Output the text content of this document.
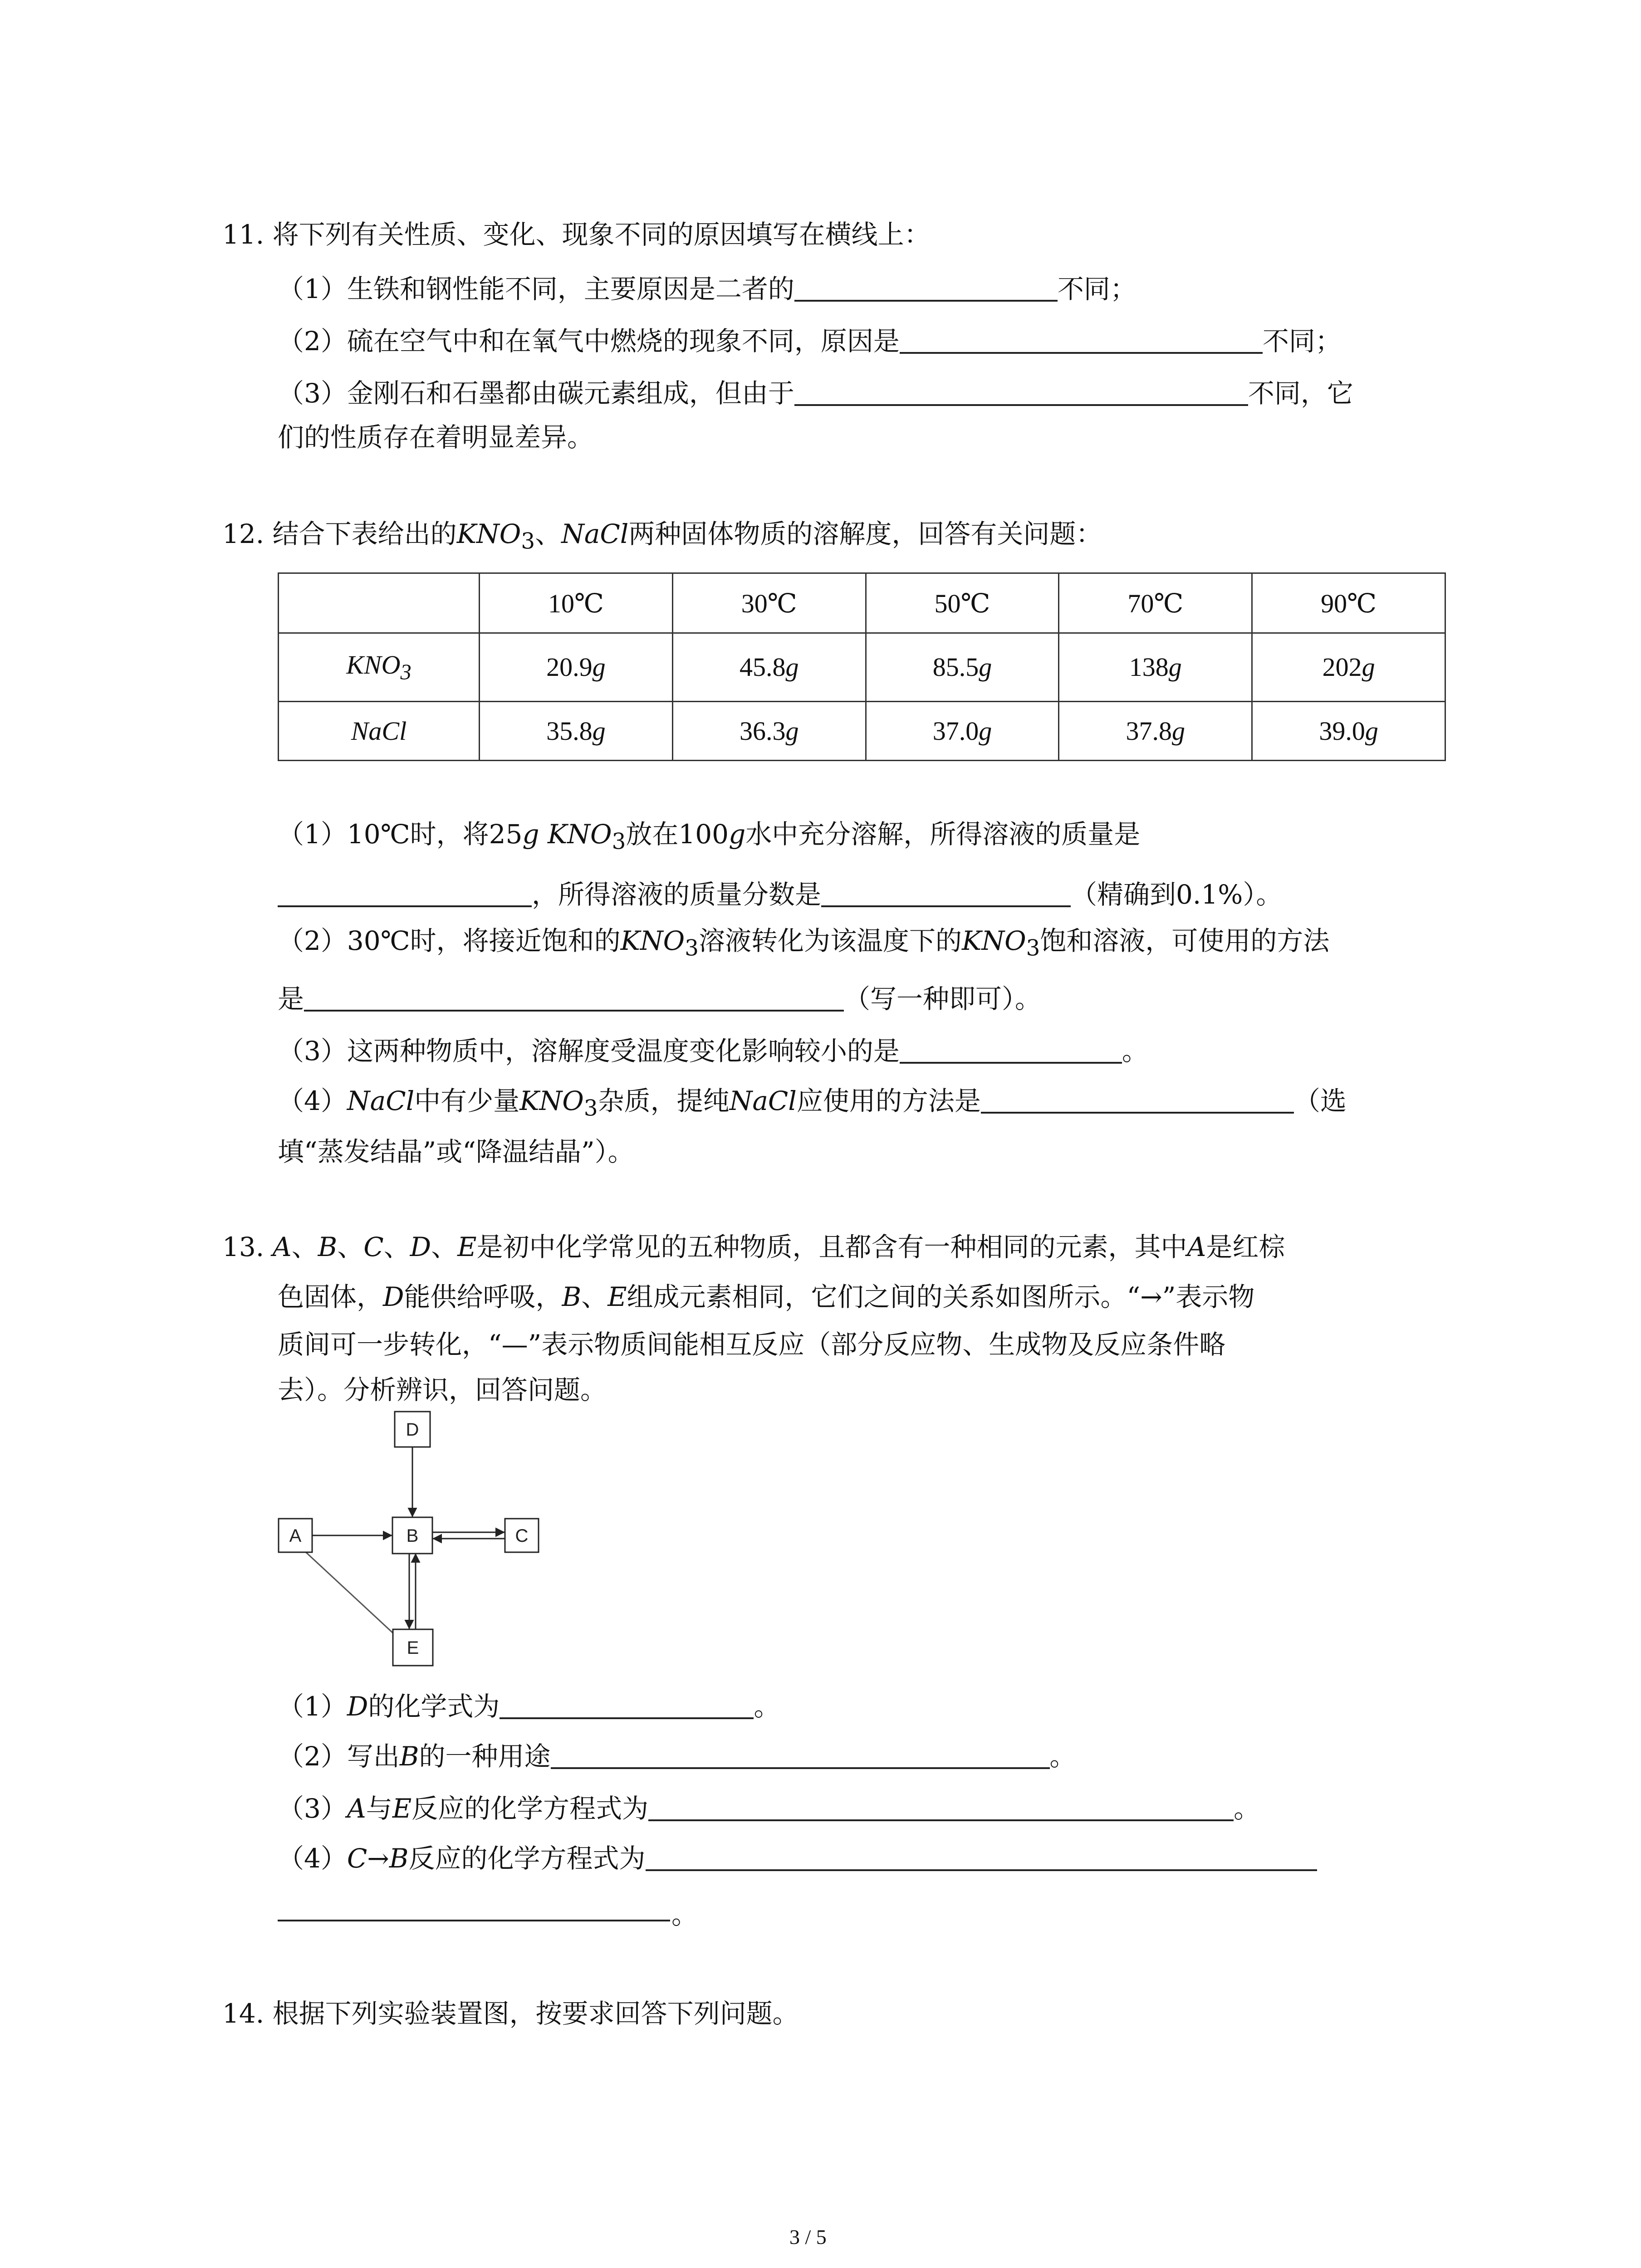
11. 将下列有关性质、变化、现象不同的原因填写在横线上：
（1）生铁和钢性能不同，主要原因是二者的	不同；
（2）硫在空气中和在氧气中燃烧的现象不同，原因是	不同；
（3）金刚石和石墨都由碳元素组成，但由于	不同，它
们的性质存在着明显差异。
12. 结合下表给出的$KNO_3$、NaCl两种固体物质的溶解度，回答有关问题：
	10℃	30℃	50℃	70℃	90℃
$KNO_3$	20.9g	45.8g	85.5g	138g	202g
NaCl	35.8g	36.3g	37.0g	37.8g	39.0g
（1）10℃时，将25g $KNO_3$放在100g水中充分溶解，所得溶液的质量是
，所得溶液的质量分数是	（精确到0.1%）。
（2）30℃时，将接近饱和的$KNO_3$溶液转化为该温度下的$KNO_3$饱和溶液，可使用的方法
是	（写一种即可）。
（3）这两种物质中，溶解度受温度变化影响较小的是	。
（4）NaCl中有少量$KNO_3$杂质，提纯NaCl应使用的方法是	（选
填“蒸发结晶”或“降温结晶”）。
13. A、B、C、D、E是初中化学常见的五种物质，且都含有一种相同的元素，其中A是红棕
色固体，D能供给呼吸，B、E组成元素相同，它们之间的关系如图所示。“→”表示物
质间可一步转化，“—”表示物质间能相互反应（部分反应物、生成物及反应条件略
去）。分析辨识，回答问题。
D
A	B	C
E
（1）D的化学式为	。
（2）写出B的一种用途	。
（3）A与E反应的化学方程式为	。
（4）C→B反应的化学方程式为
。
14. 根据下列实验装置图，按要求回答下列问题。
3 / 5
